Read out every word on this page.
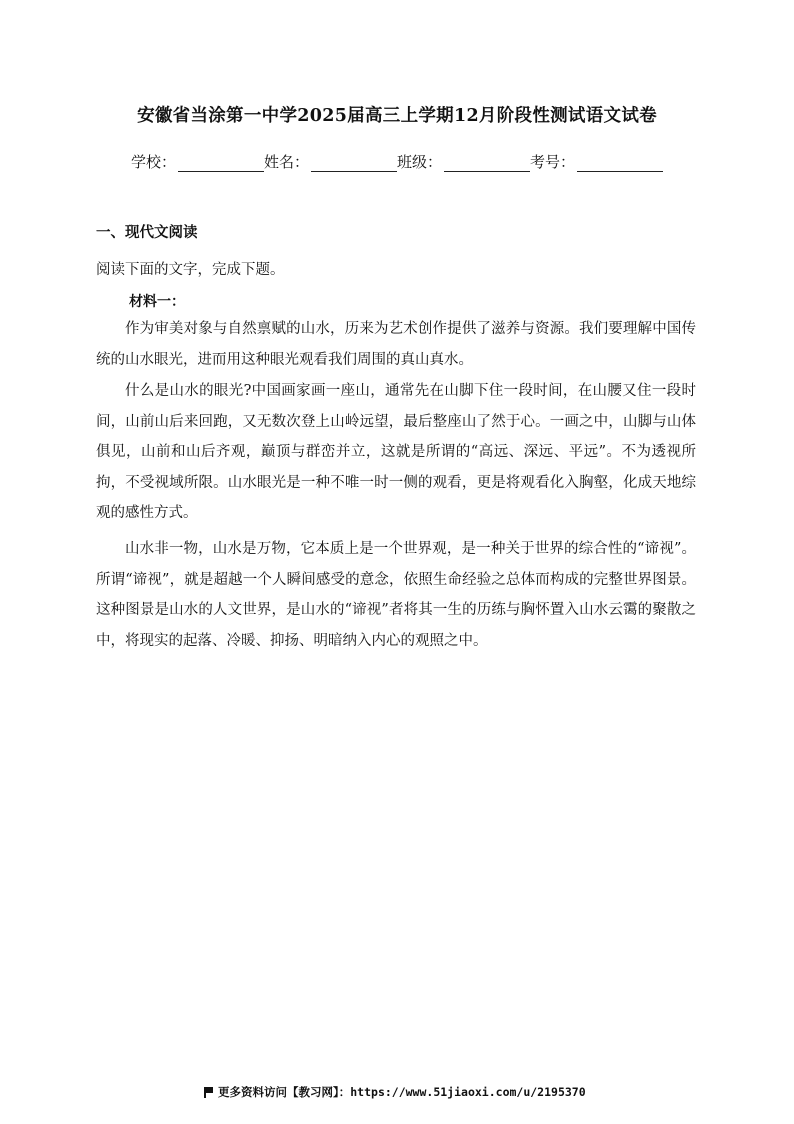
安徽省当涂第一中学2025届高三上学期12月阶段性测试语文试卷
学校：	姓名：	班级：	考号：
一、现代文阅读
阅读下面的文字，完成下题。
材料一：

作为审美对象与自然禀赋的山水，历来为艺术创作提供了滋养与资源。我们要理解中国传统的山水眼光，进而用这种眼光观看我们周围的真山真水。

什么是山水的眼光?中国画家画一座山，通常先在山脚下住一段时间，在山腰又住一段时间，山前山后来回跑，又无数次登上山岭远望，最后整座山了然于心。一画之中，山脚与山体俱见，山前和山后齐观，巅顶与群峦并立，这就是所谓的“高远、深远、平远”。不为透视所拘，不受视域所限。山水眼光是一种不唯一时一侧的观看，更是将观看化入胸壑，化成天地综观的感性方式。

山水非一物，山水是万物，它本质上是一个世界观，是一种关于世界的综合性的“谛视”。所谓“谛视”，就是超越一个人瞬间感受的意念，依照生命经验之总体而构成的完整世界图景。这种图景是山水的人文世界，是山水的“谛视”者将其一生的历练与胸怀置入山水云霭的聚散之中，将现实的起落、冷暖、抑扬、明暗纳入内心的观照之中。

更多资料访问【教习网】：https://www.51jiaoxi.com/u/2195370
